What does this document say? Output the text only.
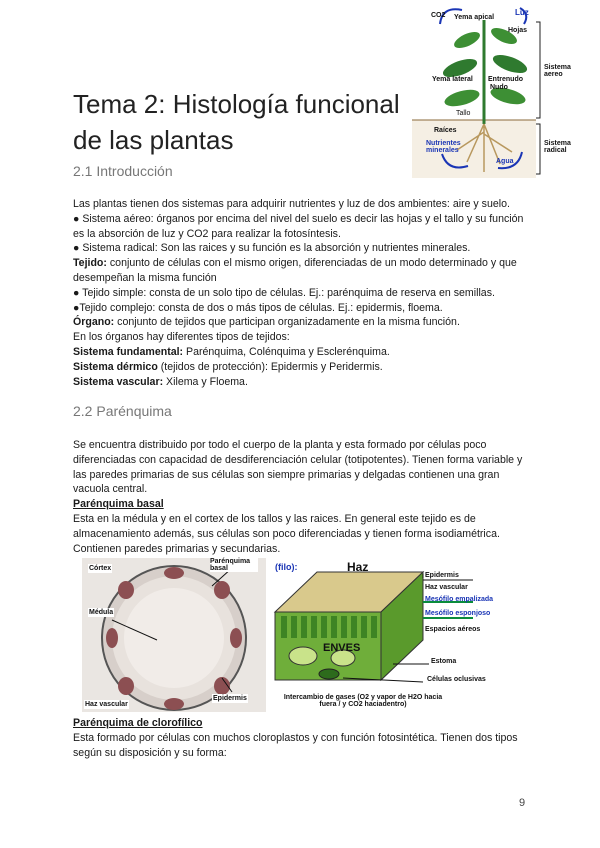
CO2 Yema apical
Luz
Hojas
Sistema aereo
Yema lateral Entrenudo
Nudo
Tallo
Raíces
Nutrientes minerales
Agua
Sistema radical
Tema 2: Histología funcional de las plantas
2.1 Introducción

Las plantas tienen dos sistemas para adquirir nutrientes y luz de dos ambientes: aire y suelo.

● Sistema aéreo: órganos por encima del nivel del suelo es decir las hojas y el tallo y su función es la absorción de luz y CO2 para realizar la fotosíntesis.

● Sistema radical: Son las raices y su función es la absorción y nutrientes minerales.

Tejido: conjunto de células con el mismo origen, diferenciadas de un modo determinado y que desempeñan la misma función

● Tejido simple: consta de un solo tipo de células. Ej.: parénquima de reserva en semillas.

●Tejido complejo: consta de dos o más tipos de células. Ej.: epidermis, floema.

Órgano: conjunto de tejidos que participan organizadamente en la misma función.

En los órganos hay diferentes tipos de tejidos:

Sistema fundamental: Parénquima, Colénquima y Esclerénquima.

Sistema dérmico (tejidos de protección): Epidermis y Peridermis.

Sistema vascular: Xilema y Floema.

2.2 Parénquima

Se encuentra distribuido por todo el cuerpo de la planta y esta formado por células poco diferenciadas con capacidad de desdiferenciación celular (totipotentes). Tienen forma variable y las paredes primarias de sus células son siempre primarias y delgadas contienen una gran vacuola central.

Parénquima basal

Esta en la médula y en el cortex de los tallos y las raices. En general este tejido es de almacenamiento además, sus células son poco diferenciadas y tienen forma isodiamétrica. Contienen paredes primarias y secundarias.

Córtex
Parénquima basal
Médula
Epidermis
Haz vascular
(filo):	Haz
Epidermis
Haz vascular
Mesófilo empalizada
Mesófilo esponjoso
Espacios aéreos
ENVES
Estoma
Células oclusivas
Intercambio de gases (O2 y vapor de H2O hacia fuera / y CO2 haciadentro)

Parénquima de clorofílico

Esta formado por células con muchos cloroplastos y con función fotosintética. Tienen dos tipos según su disposición y su forma:

9
